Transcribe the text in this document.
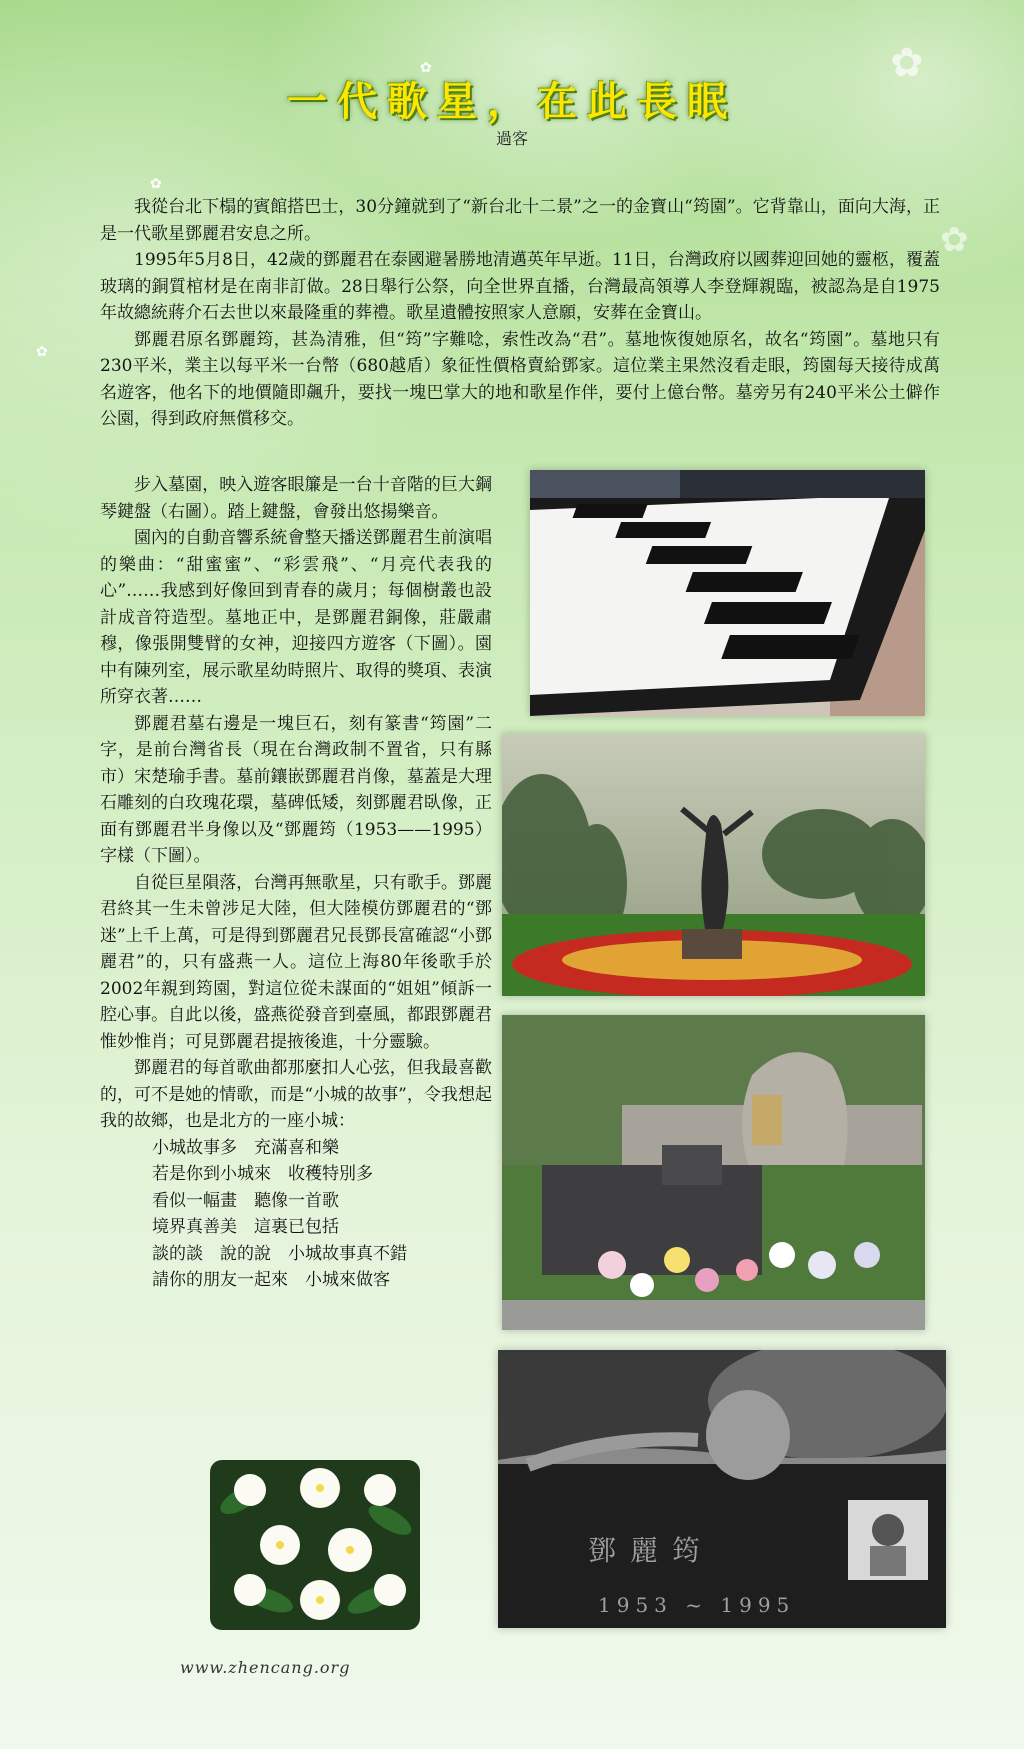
✿
✿
✿	✿
✿
一代歌星，在此長眠
過客

我從台北下榻的賓館搭巴士，30分鐘就到了“新台北十二景”之一的金寶山“筠園”。它背靠山，面向大海，正是一代歌星鄧麗君安息之所。

1995年5月8日，42歲的鄧麗君在泰國避暑勝地清邁英年早逝。11日，台灣政府以國葬迎回她的靈柩，覆蓋玻璃的銅質棺材是在南非訂做。28日舉行公祭，向全世界直播，台灣最高領導人李登輝親臨，被認為是自1975年故總統蔣介石去世以來最隆重的葬禮。歌星遺體按照家人意願，安葬在金寶山。

鄧麗君原名鄧麗筠，甚為清雅，但“筠”字難唸，索性改為“君”。墓地恢復她原名，故名“筠園”。墓地只有230平米，業主以每平米一台幣（680越盾）象征性價格賣給鄧家。這位業主果然沒看走眼，筠園每天接待成萬名遊客，他名下的地價隨即飆升，要找一塊巴掌大的地和歌星作伴，要付上億台幣。墓旁另有240平米公土僻作公園，得到政府無償移交。

步入墓園，映入遊客眼簾是一台十音階的巨大鋼琴鍵盤（右圖）。踏上鍵盤，會發出悠揚樂音。

園內的自動音響系統會整天播送鄧麗君生前演唱的樂曲：“甜蜜蜜”、“彩雲飛”、“月亮代表我的心”……我感到好像回到青春的歲月；每個樹叢也設計成音符造型。墓地正中，是鄧麗君銅像，莊嚴肅穆，像張開雙臂的女神，迎接四方遊客（下圖）。園中有陳列室，展示歌星幼時照片、取得的獎項、表演所穿衣著……

鄧麗君墓右邊是一塊巨石，刻有篆書“筠園”二字，是前台灣省長（現在台灣政制不置省，只有縣市）宋楚瑜手書。墓前鑲嵌鄧麗君肖像，墓蓋是大理石雕刻的白玫瑰花環，墓碑低矮，刻鄧麗君臥像，正面有鄧麗君半身像以及“鄧麗筠（1953——1995）字樣（下圖）。

自從巨星隕落，台灣再無歌星，只有歌手。鄧麗君終其一生未曾涉足大陸，但大陸模仿鄧麗君的“鄧迷”上千上萬，可是得到鄧麗君兄長鄧長富確認“小鄧麗君”的，只有盛燕一人。這位上海80年後歌手於2002年親到筠園，對這位從未謀面的“姐姐”傾訴一腔心事。自此以後，盛燕從發音到臺風，都跟鄧麗君惟妙惟肖；可見鄧麗君提掖後進，十分靈驗。

鄧麗君的每首歌曲都那麼扣人心弦，但我最喜歡的，可不是她的情歌，而是“小城的故事”，令我想起我的故鄉，也是北方的一座小城：

小城故事多　充滿喜和樂
若是你到小城來　收穫特別多
看似一幅畫　聽像一首歌
境界真善美　這裏已包括
談的談　說的說　小城故事真不錯
請你的朋友一起來　小城來做客
鄧麗筠
1953 ~ 1995
www.zhencang.org
